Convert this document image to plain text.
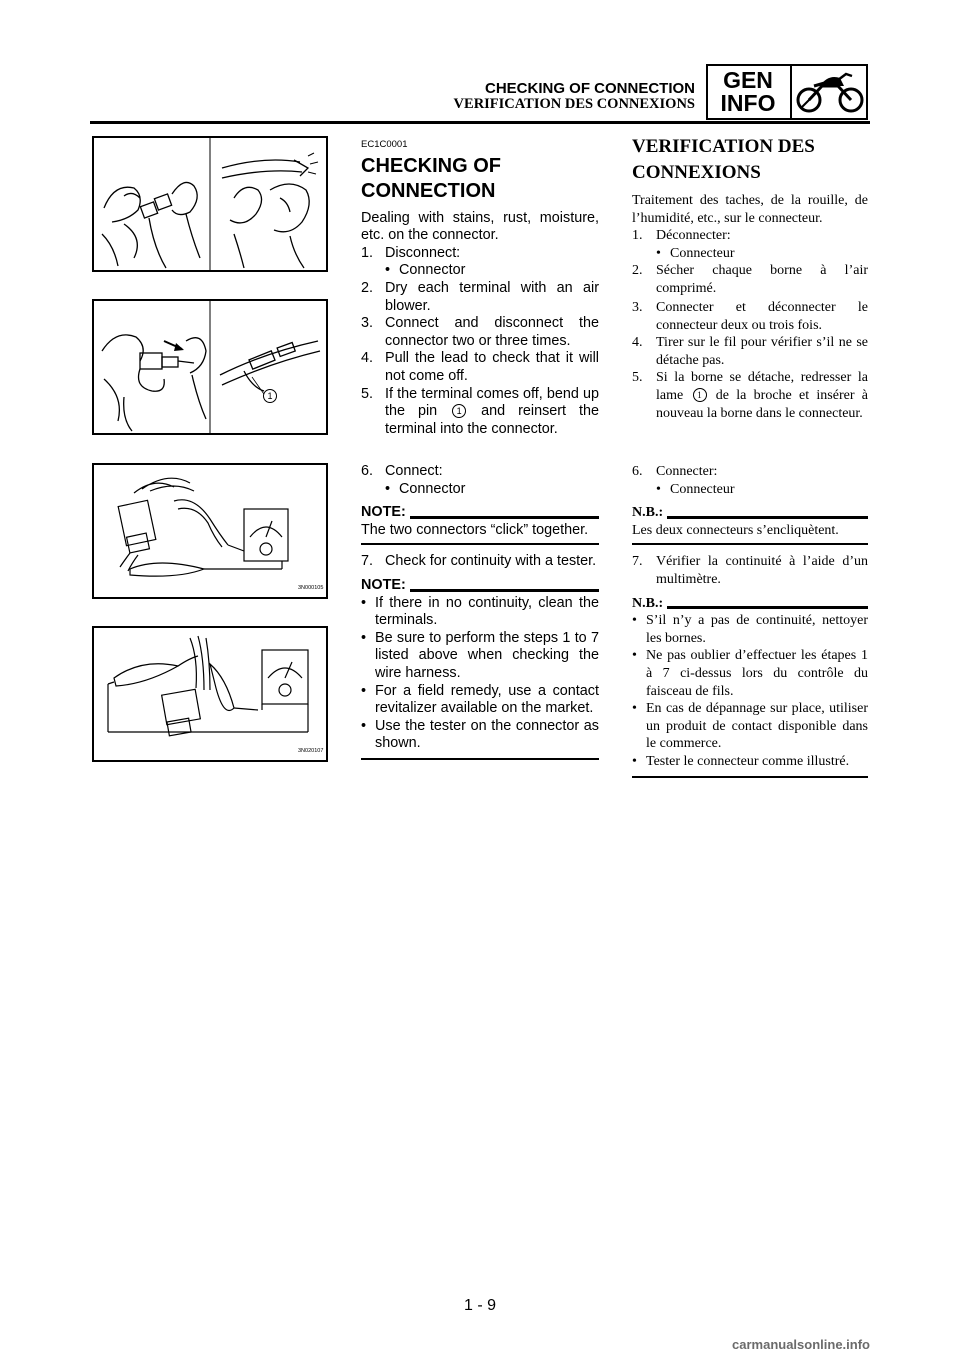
CHECKING OF CONNECTION
VERIFICATION DES CONNEXIONS
GEN
INFO
1
3N000105
3N020107
EC1C0001
CHECKING OF
CONNECTION
Dealing with stains, rust, moisture, etc. on the connector.
1. Disconnect:
• Connector
2. Dry each terminal with an air blower.
3. Connect and disconnect the connector two or three times.
4. Pull the lead to check that it will not come off.
5. If the terminal comes off, bend up the pin 1 and reinsert the terminal into the connector.
6. Connect:
• Connector
NOTE:
The two connectors “click” together.
7. Check for continuity with a tester.
NOTE:
• If there in no continuity, clean the terminals.
• Be sure to perform the steps 1 to 7 listed above when checking the wire harness.
• For a field remedy, use a contact revitalizer available on the market.
• Use the tester on the connector as shown.
VERIFICATION DES
CONNEXIONS
Traitement des taches, de la rouille, de l’humidité, etc., sur le connecteur.
1. Déconnecter:
• Connecteur
2. Sécher chaque borne à l’air comprimé.
3. Connecter et déconnecter le connecteur deux ou trois fois.
4. Tirer sur le fil pour vérifier s’il ne se détache pas.
5. Si la borne se détache, redresser la lame 1 de la broche et insérer à nouveau la borne dans le connecteur.
6. Connecter:
• Connecteur
N.B.:
Les deux connecteurs s’encliquètent.
7. Vérifier la continuité à l’aide d’un multimètre.
N.B.:
• S’il n’y a pas de continuité, nettoyer les bornes.
• Ne pas oublier d’effectuer les étapes 1 à 7 ci-dessus lors du contrôle du faisceau de fils.
• En cas de dépannage sur place, utiliser un produit de contact disponible dans le commerce.
• Tester le connecteur comme illustré.
1 - 9
carmanualsonline.info
